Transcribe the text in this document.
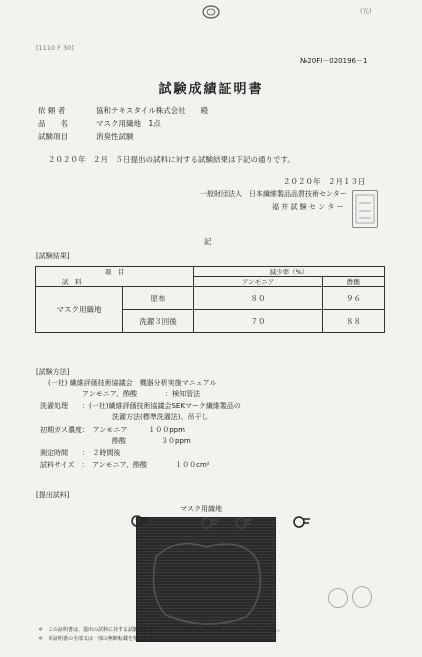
(光)
[1110 F 30]
№20FI－020196－1
試験成績証明書
依 頼 者	協和テキスタイル株式会社　　殿
品　　名	マスク用織地　1点
試験項目	消臭性試験
２０２０年　２月　５日提出の試料に対する試験結果は下記の通りです。
２０２０年　２月１３日
一般財団法人　日本繊維製品品質技術センター
福 井 試 験 セ ン タ ー
記
[試験結果]
項　目		減少率（%）	
試　料		アンモニア	酢酸
マスク用織地	原布	８０	９６
	洗濯３回後	７０	８８
[試験方法]
(一社) 繊維評価技術協議会　機器分析実施マニュアル
アンモニア、酢酸　　　　：検知管法
洗濯処理　　：(一社)繊維評価技術協議会SEKマーク繊維製品の
洗濯方法(標準洗濯法)、吊干し
初期ガス濃度：　アンモニア　　　１００ppm
酢酸　　　　　３０ppm
測定時間　　：　２時間後
試料サイズ　：　アンモニア、酢酸　　　　１００cm²
[提出試料]
マスク用織地
＊　この証明書は、提出の試料に対する試験結果であり、ロット全体の品質を保証するものではありません。
＊　本証明書の全部又は一部の無断転載を禁じます。
